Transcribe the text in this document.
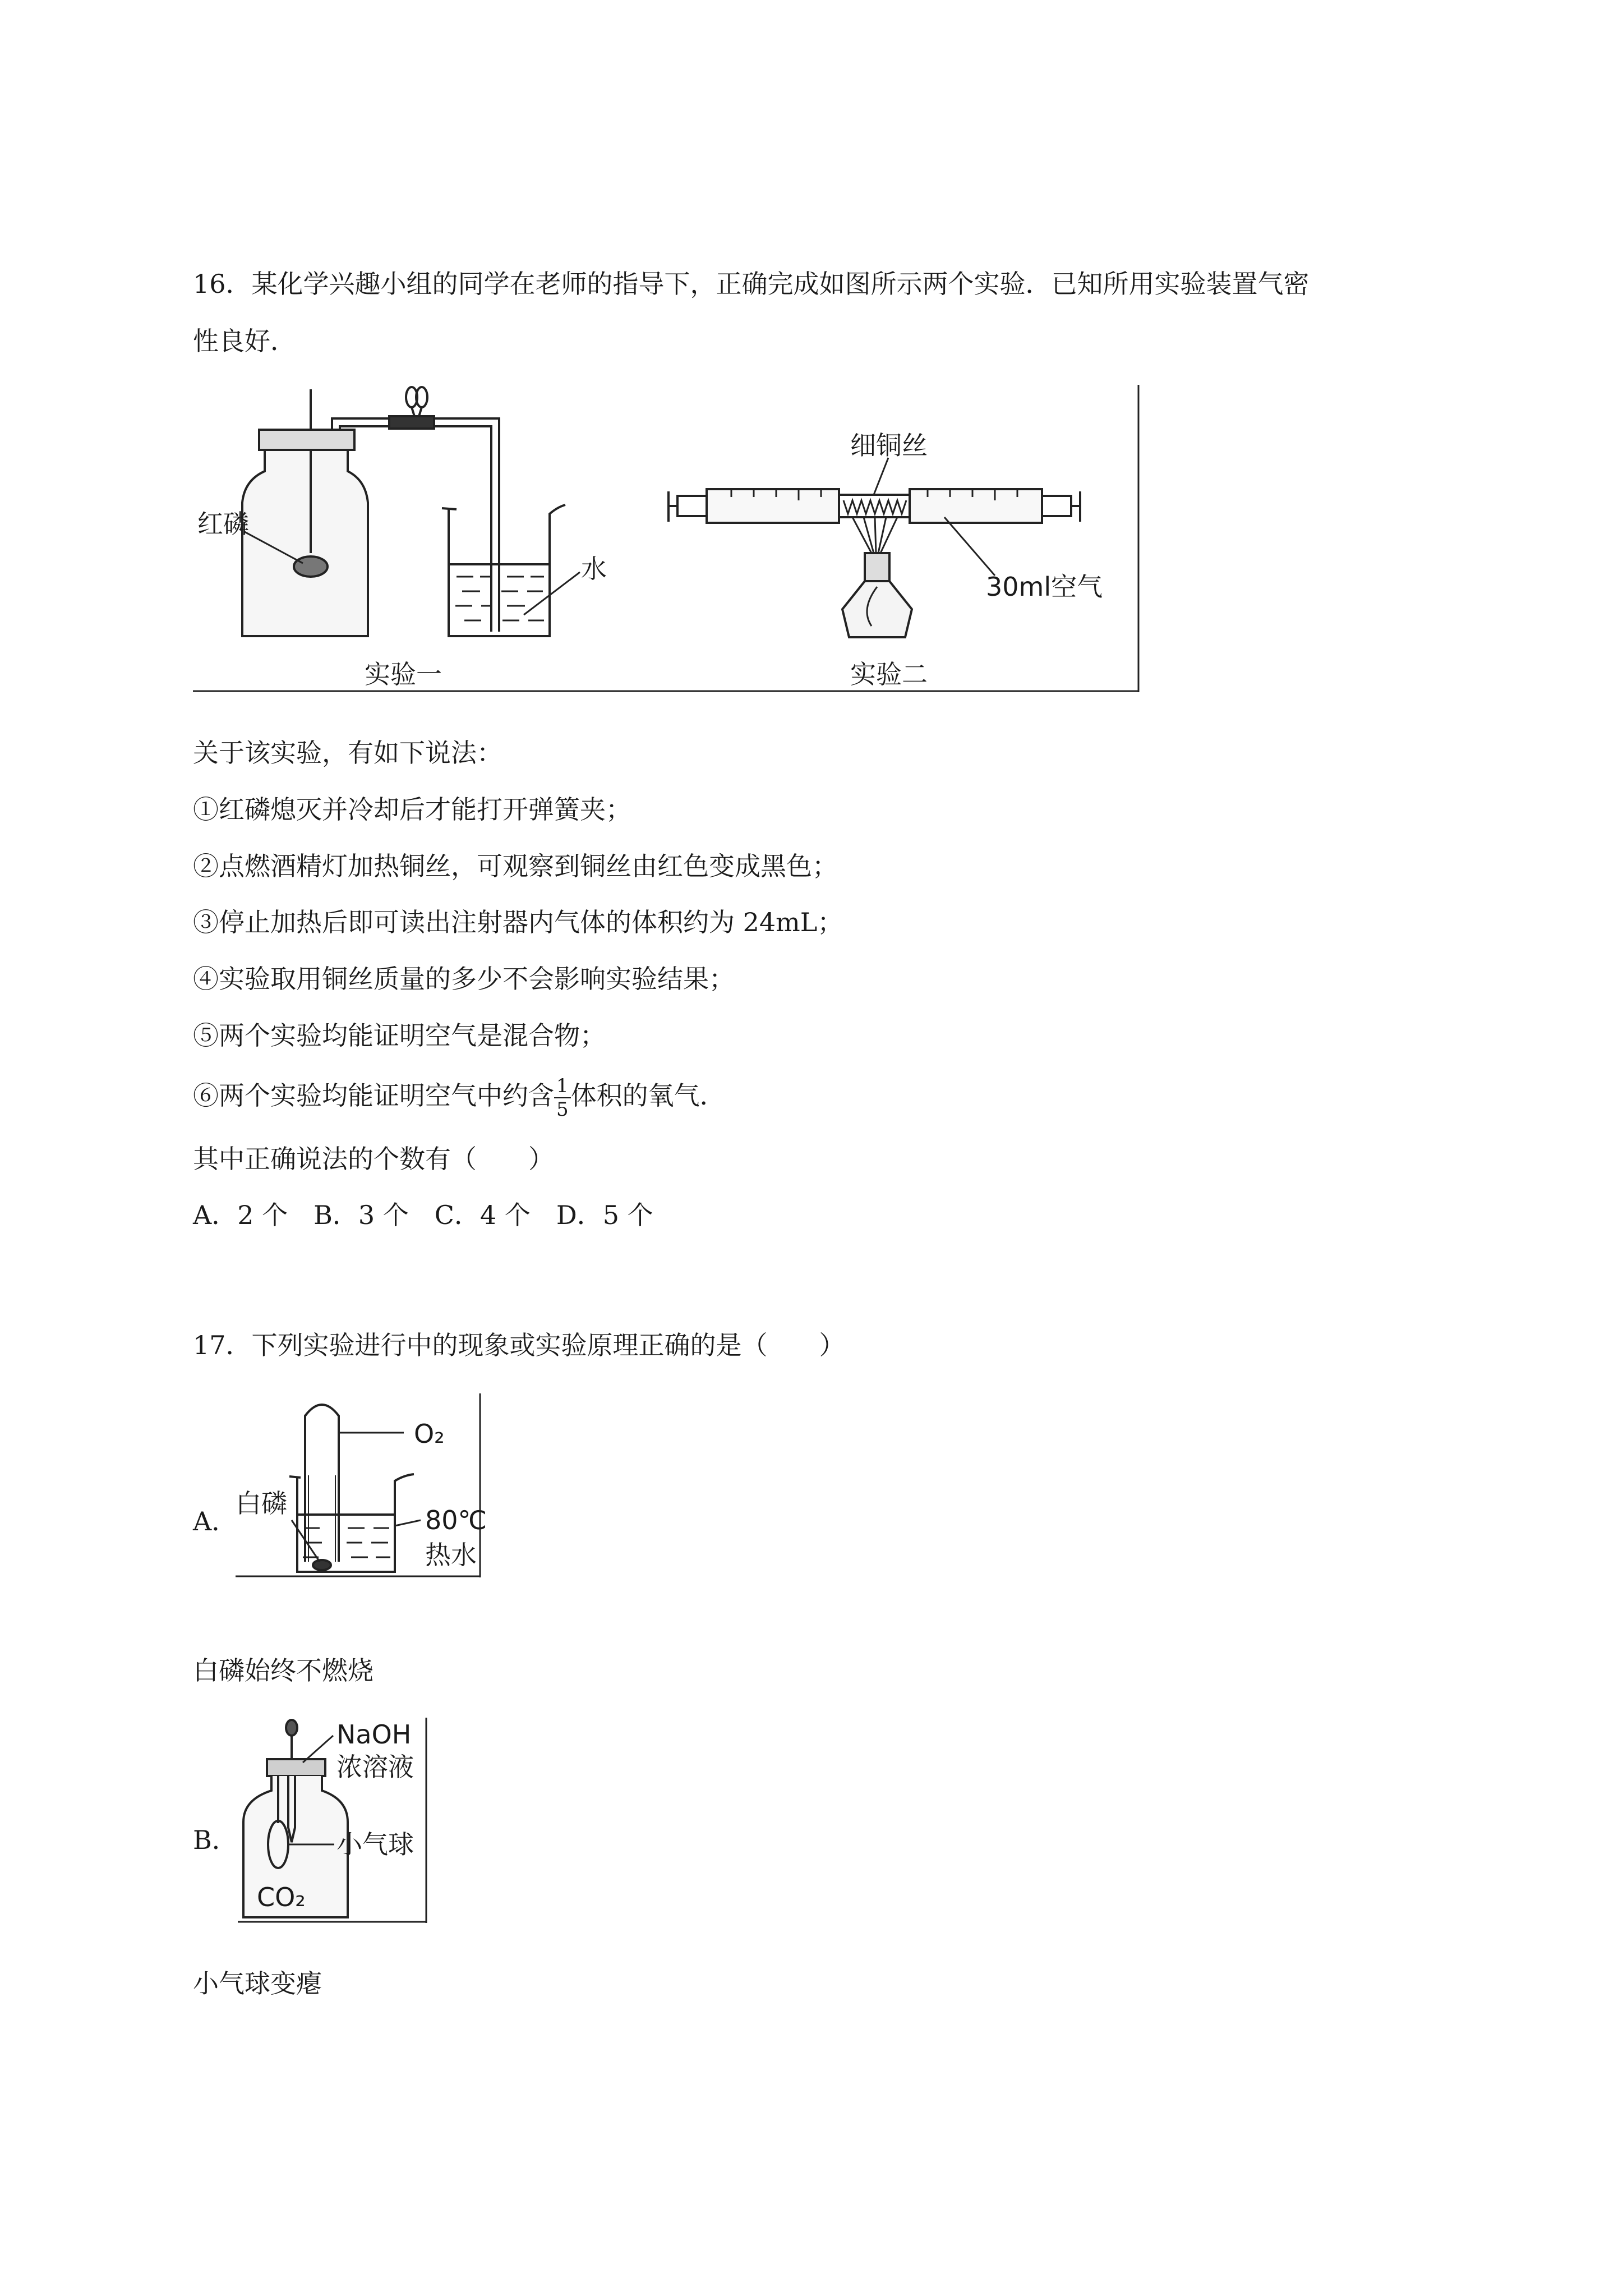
16．某化学兴趣小组的同学在老师的指导下，正确完成如图所示两个实验．已知所用实验装置气密
性良好．
红磷
水
实验一
细铜丝
30ml空气
实验二
关于该实验，有如下说法：
①红磷熄灭并冷却后才能打开弹簧夹；
②点燃酒精灯加热铜丝，可观察到铜丝由红色变成黑色；
③停止加热后即可读出注射器内气体的体积约为 24mL；
④实验取用铜丝质量的多少不会影响实验结果；
⑤两个实验均能证明空气是混合物；
⑥两个实验均能证明空气中约含 $\frac{1}{5}$ 体积的氧气．
其中正确说法的个数有（　　）
A．2 个　B．3 个　C．4 个　D．5 个
17．下列实验进行中的现象或实验原理正确的是（　　）
A．
O₂
白磷
80℃
热水
白磷始终不燃烧
B．
NaOH
浓溶液
小气球
CO₂
小气球变瘪
